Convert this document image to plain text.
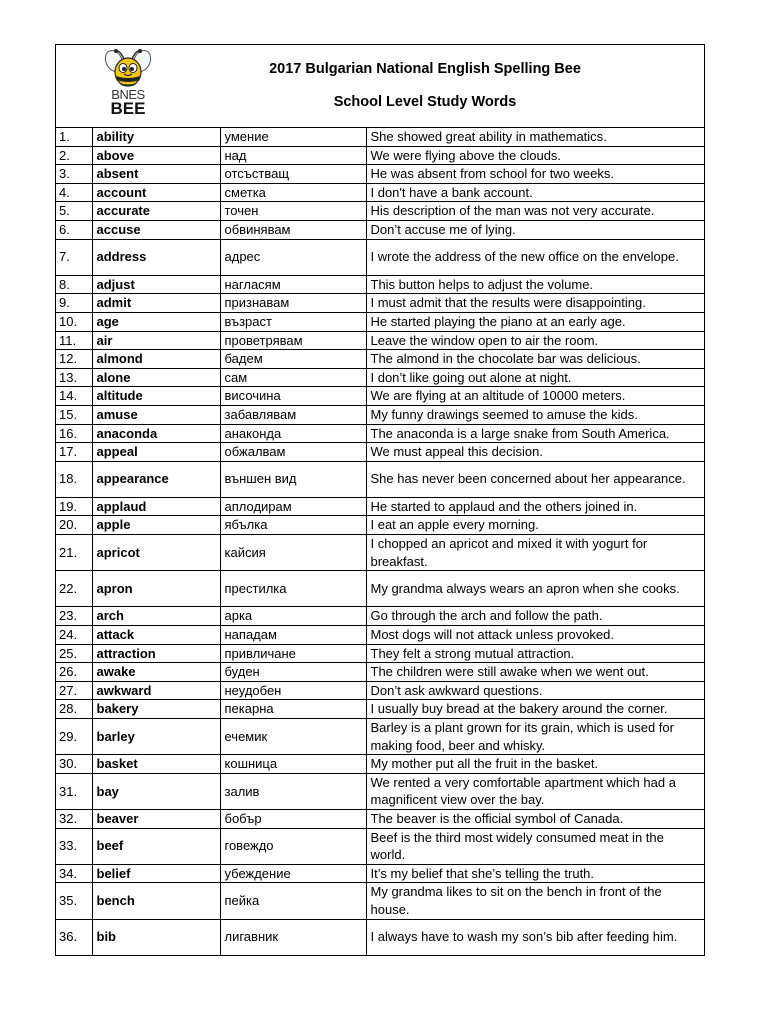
BNES
BEE
2017 Bulgarian National English Spelling Bee
School Level Study Words
1.	ability	умение	She showed great ability in mathematics.
2.	above	над	We were flying above the clouds.
3.	absent	отсъстващ	He was absent from school for two weeks.
4.	account	сметка	I don't have a bank account.
5.	accurate	точен	His description of the man was not very accurate.
6.	accuse	обвинявам	Don’t accuse me of lying.
7.	address	адрес	I wrote the address of the new office on the envelope.
8.	adjust	нагласям	This button helps to adjust the volume.
9.	admit	признавам	I must admit that the results were disappointing.
10.	age	възраст	He started playing the piano at an early age.
11.	air	проветрявам	Leave the window open to air the room.
12.	almond	бадем	The almond in the chocolate bar was delicious.
13.	alone	сам	I don’t like going out alone at night.
14.	altitude	височина	We are flying at an altitude of 10000 meters.
15.	amuse	забавлявам	My funny drawings seemed to amuse the kids.
16.	anaconda	анаконда	The anaconda is a large snake from South America.
17.	appeal	обжалвам	We must appeal this decision.
18.	appearance	външен вид	She has never been concerned about her appearance.
19.	applaud	аплодирам	He started to applaud and the others joined in.
20.	apple	ябълка	I eat an apple every morning.
21.	apricot	кайсия	I chopped an apricot and mixed it with yogurt for breakfast.
22.	apron	престилка	My grandma always wears an apron when she cooks.
23.	arch	арка	Go through the arch and follow the path.
24.	attack	нападам	Most dogs will not attack unless provoked.
25.	attraction	привличане	They felt a strong mutual attraction.
26.	awake	буден	The children were still awake when we went out.
27.	awkward	неудобен	Don’t ask awkward questions.
28.	bakery	пекарна	I usually buy bread at the bakery around the corner.
29.	barley	ечемик	Barley is a plant grown for its grain, which is used for making food, beer and whisky.
30.	basket	кошница	My mother put all the fruit in the basket.
31.	bay	залив	We rented a very comfortable apartment which had a magnificent view over the bay.
32.	beaver	бобър	The beaver is the official symbol of Canada.
33.	beef	говеждо	Beef is the third most widely consumed meat in the world.
34.	belief	убеждение	It’s my belief that she’s telling the truth.
35.	bench	пейка	My grandma likes to sit on the bench in front of the house.
36.	bib	лигавник	I always have to wash my son’s bib after feeding him.
